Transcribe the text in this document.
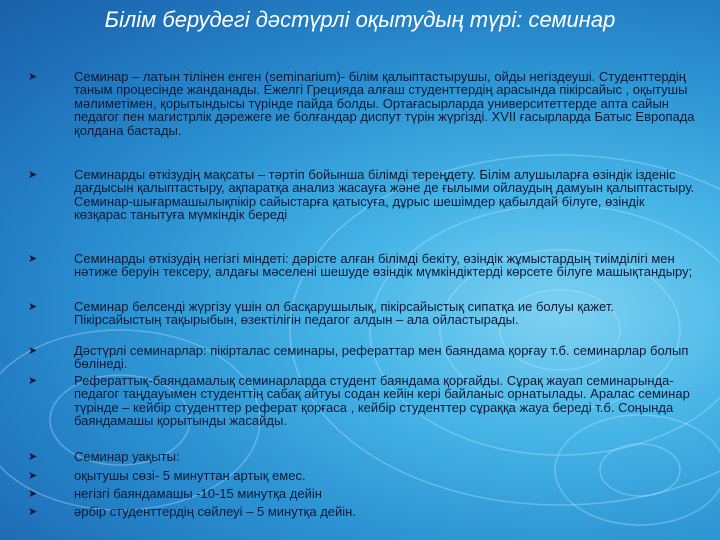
Білім берудегі дәстүрлі оқытудың түрі: семинар
➤	Семинар – латын тілінен енген (seminarium)- білім қалыптастырушы, ойды негіздеуші. Студенттердің таным процесінде жанданады. Ежелгі Грецияда алғаш студенттердің арасында пікірсайыс , оқытушы мәлиметімен, қорытындысы түрінде пайда болды. Ортағасырларда университеттерде апта сайын педагог пен магистрлік дәрежеге ие болғандар диспут түрін жүргізді. XVII ғасырларда Батыс Европада қолдана бастады.
➤	Семинарды өткізудің мақсаты – тәртіп бойынша білімді тереңдету. Білім алушыларға өзіндік ізденіс дағдысын қалыптастыру, ақпаратқа анализ жасауға және де ғылыми ойлаудың дамуын қалыптастыру. Семинар-шығармашылықпікір сайыстарға қатысуға, дұрыс шешімдер қабылдай білуге, өзіндік көзқарас танытуға мүмкіндік береді
➤	Семинарды өткізудің негізгі міндеті: дәрісте алған білімді бекіту, өзіндік жұмыстардың тиімділігі мен нәтиже беруін тексеру, алдағы мәселені шешуде өзіндік мүмкіндіктерді көрсете білуге машықтандыру;
➤	Семинар белсенді жүргізу үшін ол басқарушылық, пікірсайыстық сипатқа ие болуы қажет. Пікірсайыстың тақырыбын, өзектілігін педагог алдын – ала ойластырады.
➤	Дәстүрлі семинарлар: пікірталас семинары, рефераттар мен баяндама қорғау т.б. семинарлар болып бөлінеді.
➤	Рефераттық-баяндамалық семинарларда студент баяндама қорғайды. Сұрақ жауап семинарында- педагог таңдауымен студенттің сабақ айтуы содан кейін кері байланыс орнатылады. Аралас семинар түрінде – кейбір студенттер реферат қорғаса , кейбір студенттер сұраққа жауа береді т.б. Соңында баяндамашы қорытынды жасайды.
➤	Семинар уақыты:
➤	оқытушы сөзі- 5 минуттан артық емес.
➤	негізгі баяндамашы -10-15 минутқа дейін
➤	әрбір студенттердің сөйлеуі – 5 минутқа дейін.
